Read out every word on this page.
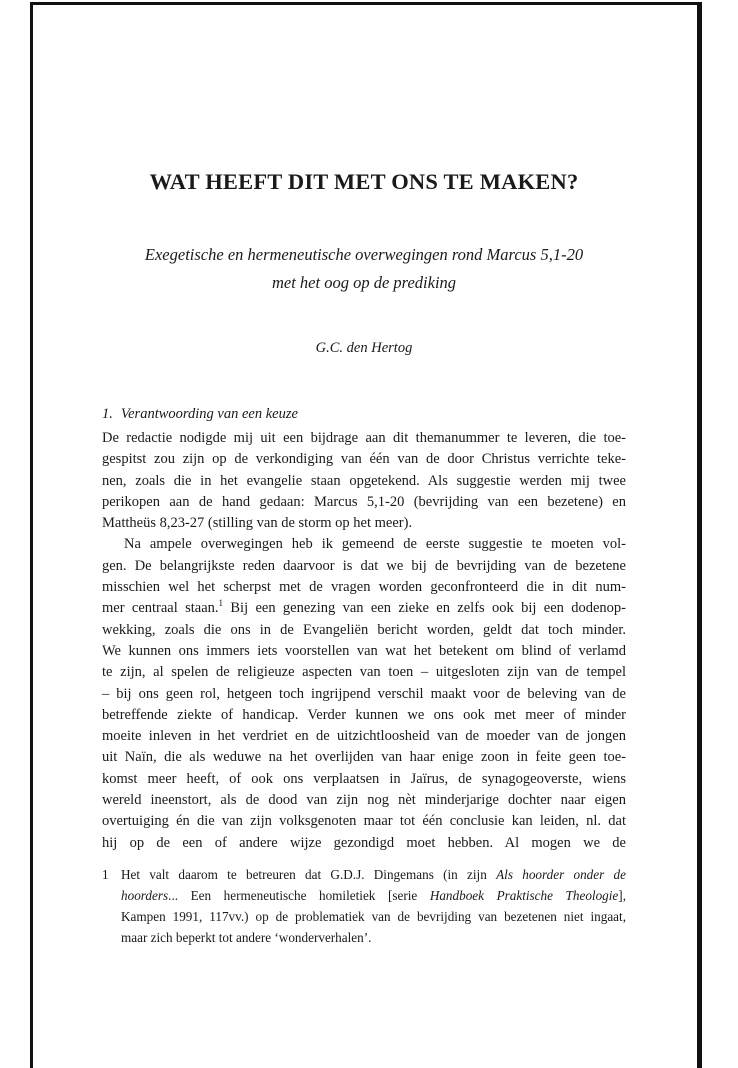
WAT HEEFT DIT MET ONS TE MAKEN?
Exegetische en hermeneutische overwegingen rond Marcus 5,1-20
met het oog op de prediking
G.C. den Hertog
1. Verantwoording van een keuze
De redactie nodigde mij uit een bijdrage aan dit themanummer te leveren, die toe-
gespitst zou zijn op de verkondiging van één van de door Christus verrichte teke-
nen, zoals die in het evangelie staan opgetekend. Als suggestie werden mij twee
perikopen aan de hand gedaan: Marcus 5,1-20 (bevrijding van een bezetene) en
Mattheüs 8,23-27 (stilling van de storm op het meer).
Na ampele overwegingen heb ik gemeend de eerste suggestie te moeten vol-
gen. De belangrijkste reden daarvoor is dat we bij de bevrijding van de bezetene
misschien wel het scherpst met de vragen worden geconfronteerd die in dit num-
mer centraal staan.$^1$ Bij een genezing van een zieke en zelfs ook bij een dodenop-
wekking, zoals die ons in de Evangeliën bericht worden, geldt dat toch minder.
We kunnen ons immers iets voorstellen van wat het betekent om blind of verlamd
te zijn, al spelen de religieuze aspecten van toen – uitgesloten zijn van de tempel
– bij ons geen rol, hetgeen toch ingrijpend verschil maakt voor de beleving van de
betreffende ziekte of handicap. Verder kunnen we ons ook met meer of minder
moeite inleven in het verdriet en de uitzichtloosheid van de moeder van de jongen
uit Naïn, die als weduwe na het overlijden van haar enige zoon in feite geen toe-
komst meer heeft, of ook ons verplaatsen in Jaïrus, de synagogeoverste, wiens
wereld ineenstort, als de dood van zijn nog nèt minderjarige dochter naar eigen
overtuiging én die van zijn volksgenoten maar tot één conclusie kan leiden, nl. dat
hij op de een of andere wijze gezondigd moet hebben. Al mogen we de
1 Het valt daarom te betreuren dat G.D.J. Dingemans (in zijn Als hoorder onder de
hoorders... Een hermeneutische homiletiek [serie Handboek Praktische Theologie],
Kampen 1991, 117vv.) op de problematiek van de bevrijding van bezetenen niet ingaat,
maar zich beperkt tot andere ‘wonderverhalen’.
